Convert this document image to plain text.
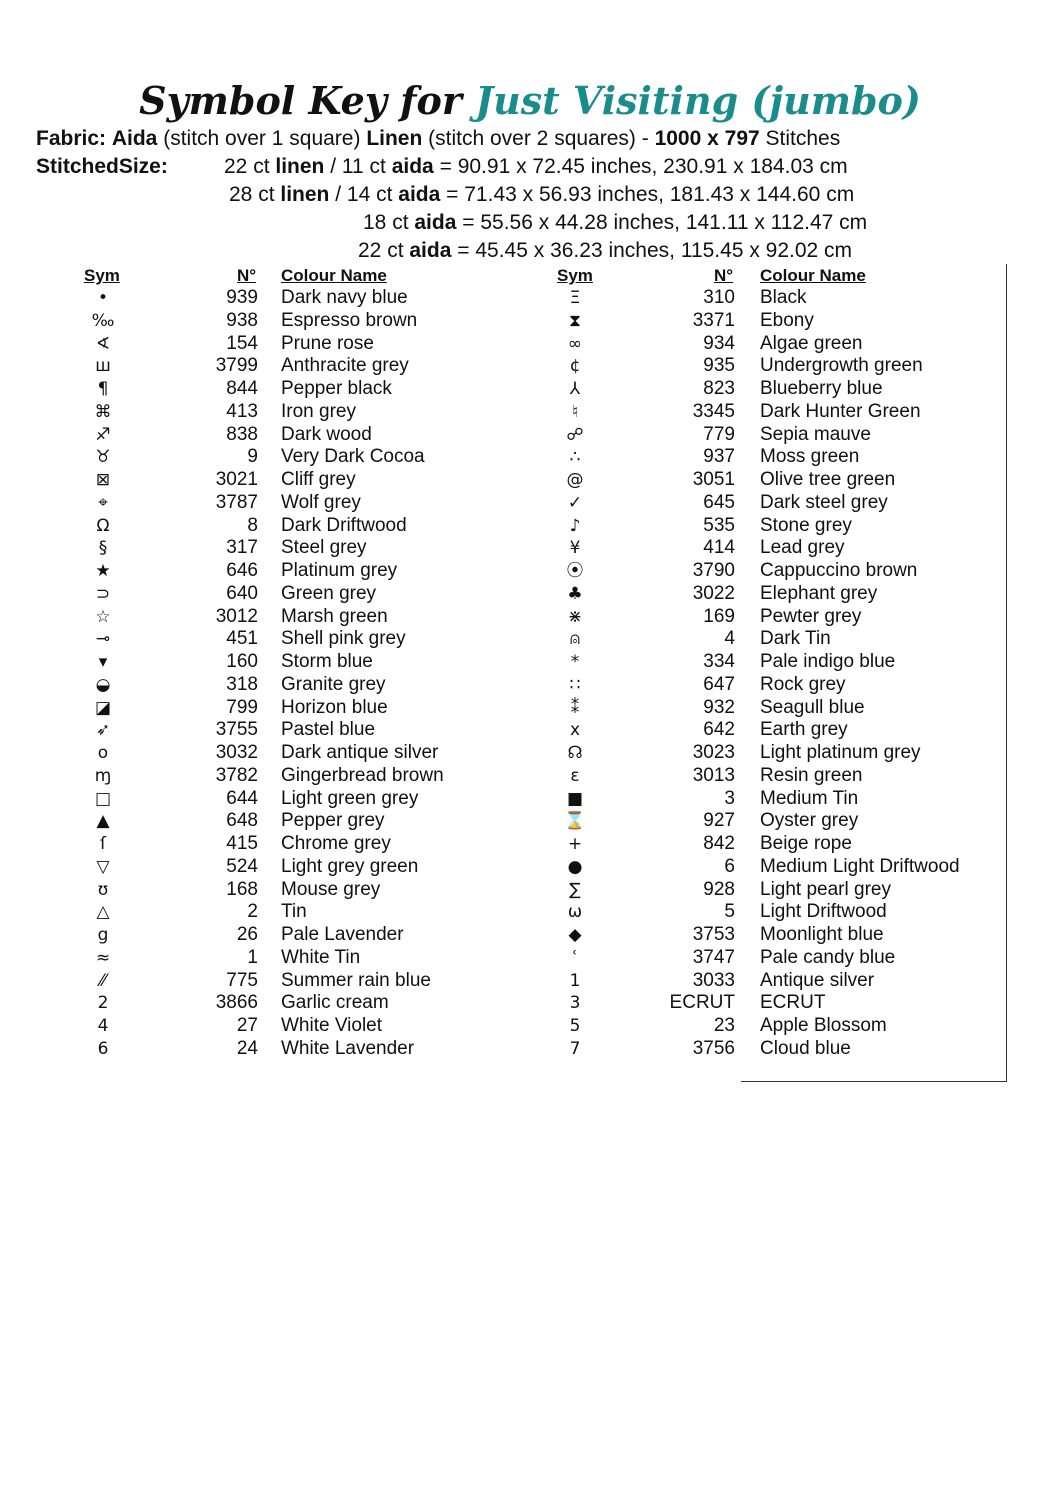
Symbol Key for Just Visiting (jumbo)
Fabric: Aida (stitch over 1 square) Linen (stitch over 2 squares) - 1000 x 797 Stitches
StitchedSize:	22 ct linen / 11 ct aida = 90.91 x 72.45 inches, 230.91 x 184.03 cm
28 ct linen / 14 ct aida = 71.43 x 56.93 inches, 181.43 x 144.60 cm
18 ct aida = 55.56 x 44.28 inches, 141.11 x 112.47 cm
22 ct aida = 45.45 x 36.23 inches, 115.45 x 92.02 cm
Sym	N° Colour Name	Sym	N° Colour Name
•	939 Dark navy blue
‰	938 Espresso brown
∢	154 Prune rose
ш	3799 Anthracite grey
¶	844 Pepper black
⌘	413 Iron grey
♐	838 Dark wood
♉	9 Very Dark Cocoa
⊠	3021 Cliff grey
⌖	3787 Wolf grey
Ω	8 Dark Driftwood
§	317 Steel grey
★	646 Platinum grey
⊃	640 Green grey
☆	3012 Marsh green
⊸	451 Shell pink grey
▾	160 Storm blue
◒	318 Granite grey
◪	799 Horizon blue
➶	3755 Pastel blue
o	3032 Dark antique silver
ɱ	3782 Gingerbread brown
□	644 Light green grey
▲	648 Pepper grey
ſ	415 Chrome grey
▽	524 Light grey green
ʊ	168 Mouse grey
△	2 Tin
g	26 Pale Lavender
≈	1 White Tin
⁄⁄	775 Summer rain blue
2	3866 Garlic cream
4	27 White Violet
6	24 White Lavender
Ξ	310 Black
⧗	3371 Ebony
∞	934 Algae green
¢	935 Undergrowth green
⅄	823 Blueberry blue
♮	3345 Dark Hunter Green
☍	779 Sepia mauve
∴	937 Moss green
@	3051 Olive tree green
✓	645 Dark steel grey
♪	535 Stone grey
¥	414 Lead grey
⦿	3790 Cappuccino brown
♣	3022 Elephant grey
⋇	169 Pewter grey
⍝	4 Dark Tin
*	334 Pale indigo blue
∷	647 Rock grey
⁑	932 Seagull blue
x	642 Earth grey
☊	3023 Light platinum grey
ε	3013 Resin green
■	3 Medium Tin
⌛	927 Oyster grey
+	842 Beige rope
●	6 Medium Light Driftwood
∑	928 Light pearl grey
ω	5 Light Driftwood
◆	3753 Moonlight blue
ʿ	3747 Pale candy blue
1	3033 Antique silver
3	ECRUT ECRUT
5	23 Apple Blossom
7	3756 Cloud blue
